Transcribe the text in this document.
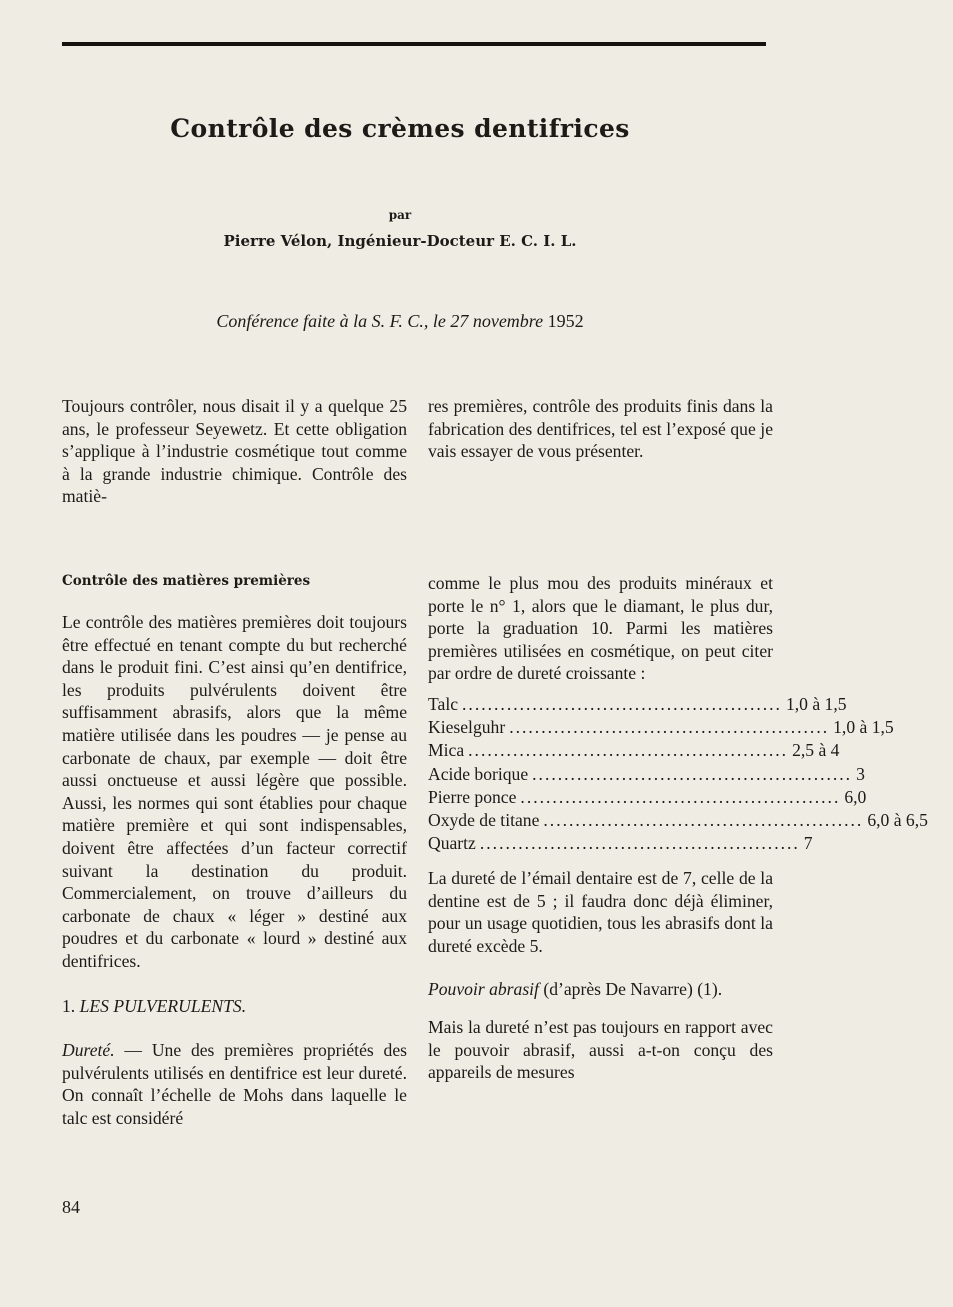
Contrôle des crèmes dentifrices
par
Pierre Vélon, Ingénieur-Docteur E. C. I. L.
Conférence faite à la S. F. C., le 27 novembre 1952

Toujours contrôler, nous disait il y a quelque 25 ans, le professeur Seyewetz. Et cette obligation s’applique à l’industrie cosmétique tout comme à la grande industrie chimique. Contrôle des matiè-

res premières, contrôle des produits finis dans la fabrication des dentifrices, tel est l’exposé que je vais essayer de vous présenter.

Contrôle des matières premières

Le contrôle des matières premières doit toujours être effectué en tenant compte du but recherché dans le produit fini. C’est ainsi qu’en dentifrice, les produits pulvérulents doivent être suffisamment abrasifs, alors que la même matière utilisée dans les poudres — je pense au carbonate de chaux, par exemple — doit être aussi onctueuse et aussi légère que possible. Aussi, les normes qui sont établies pour chaque matière première et qui sont indispensables, doivent être affectées d’un facteur correctif suivant la destination du produit. Commercialement, on trouve d’ailleurs du carbonate de chaux « léger » destiné aux poudres et du carbonate « lourd » destiné aux dentifrices.

1. LES PULVERULENTS.

Dureté. — Une des premières propriétés des pulvérulents utilisés en dentifrice est leur dureté. On connaît l’échelle de Mohs dans laquelle le talc est considéré

comme le plus mou des produits minéraux et porte le n° 1, alors que le diamant, le plus dur, porte la graduation 10. Parmi les matières premières utilisées en cosmétique, on peut citer par ordre de dureté croissante :

Talc .................................................. 1,0 à 1,5
Kieselguhr .................................................. 1,0 à 1,5
Mica .................................................. 2,5 à 4
Acide borique .................................................. 3
Pierre ponce .................................................. 6,0
Oxyde de titane .................................................. 6,0 à 6,5
Quartz .................................................. 7

La dureté de l’émail dentaire est de 7, celle de la dentine est de 5 ; il faudra donc déjà éliminer, pour un usage quotidien, tous les abrasifs dont la dureté excède 5.

Pouvoir abrasif (d’après De Navarre) (1).

Mais la dureté n’est pas toujours en rapport avec le pouvoir abrasif, aussi a-t-on conçu des appareils de mesures

84
